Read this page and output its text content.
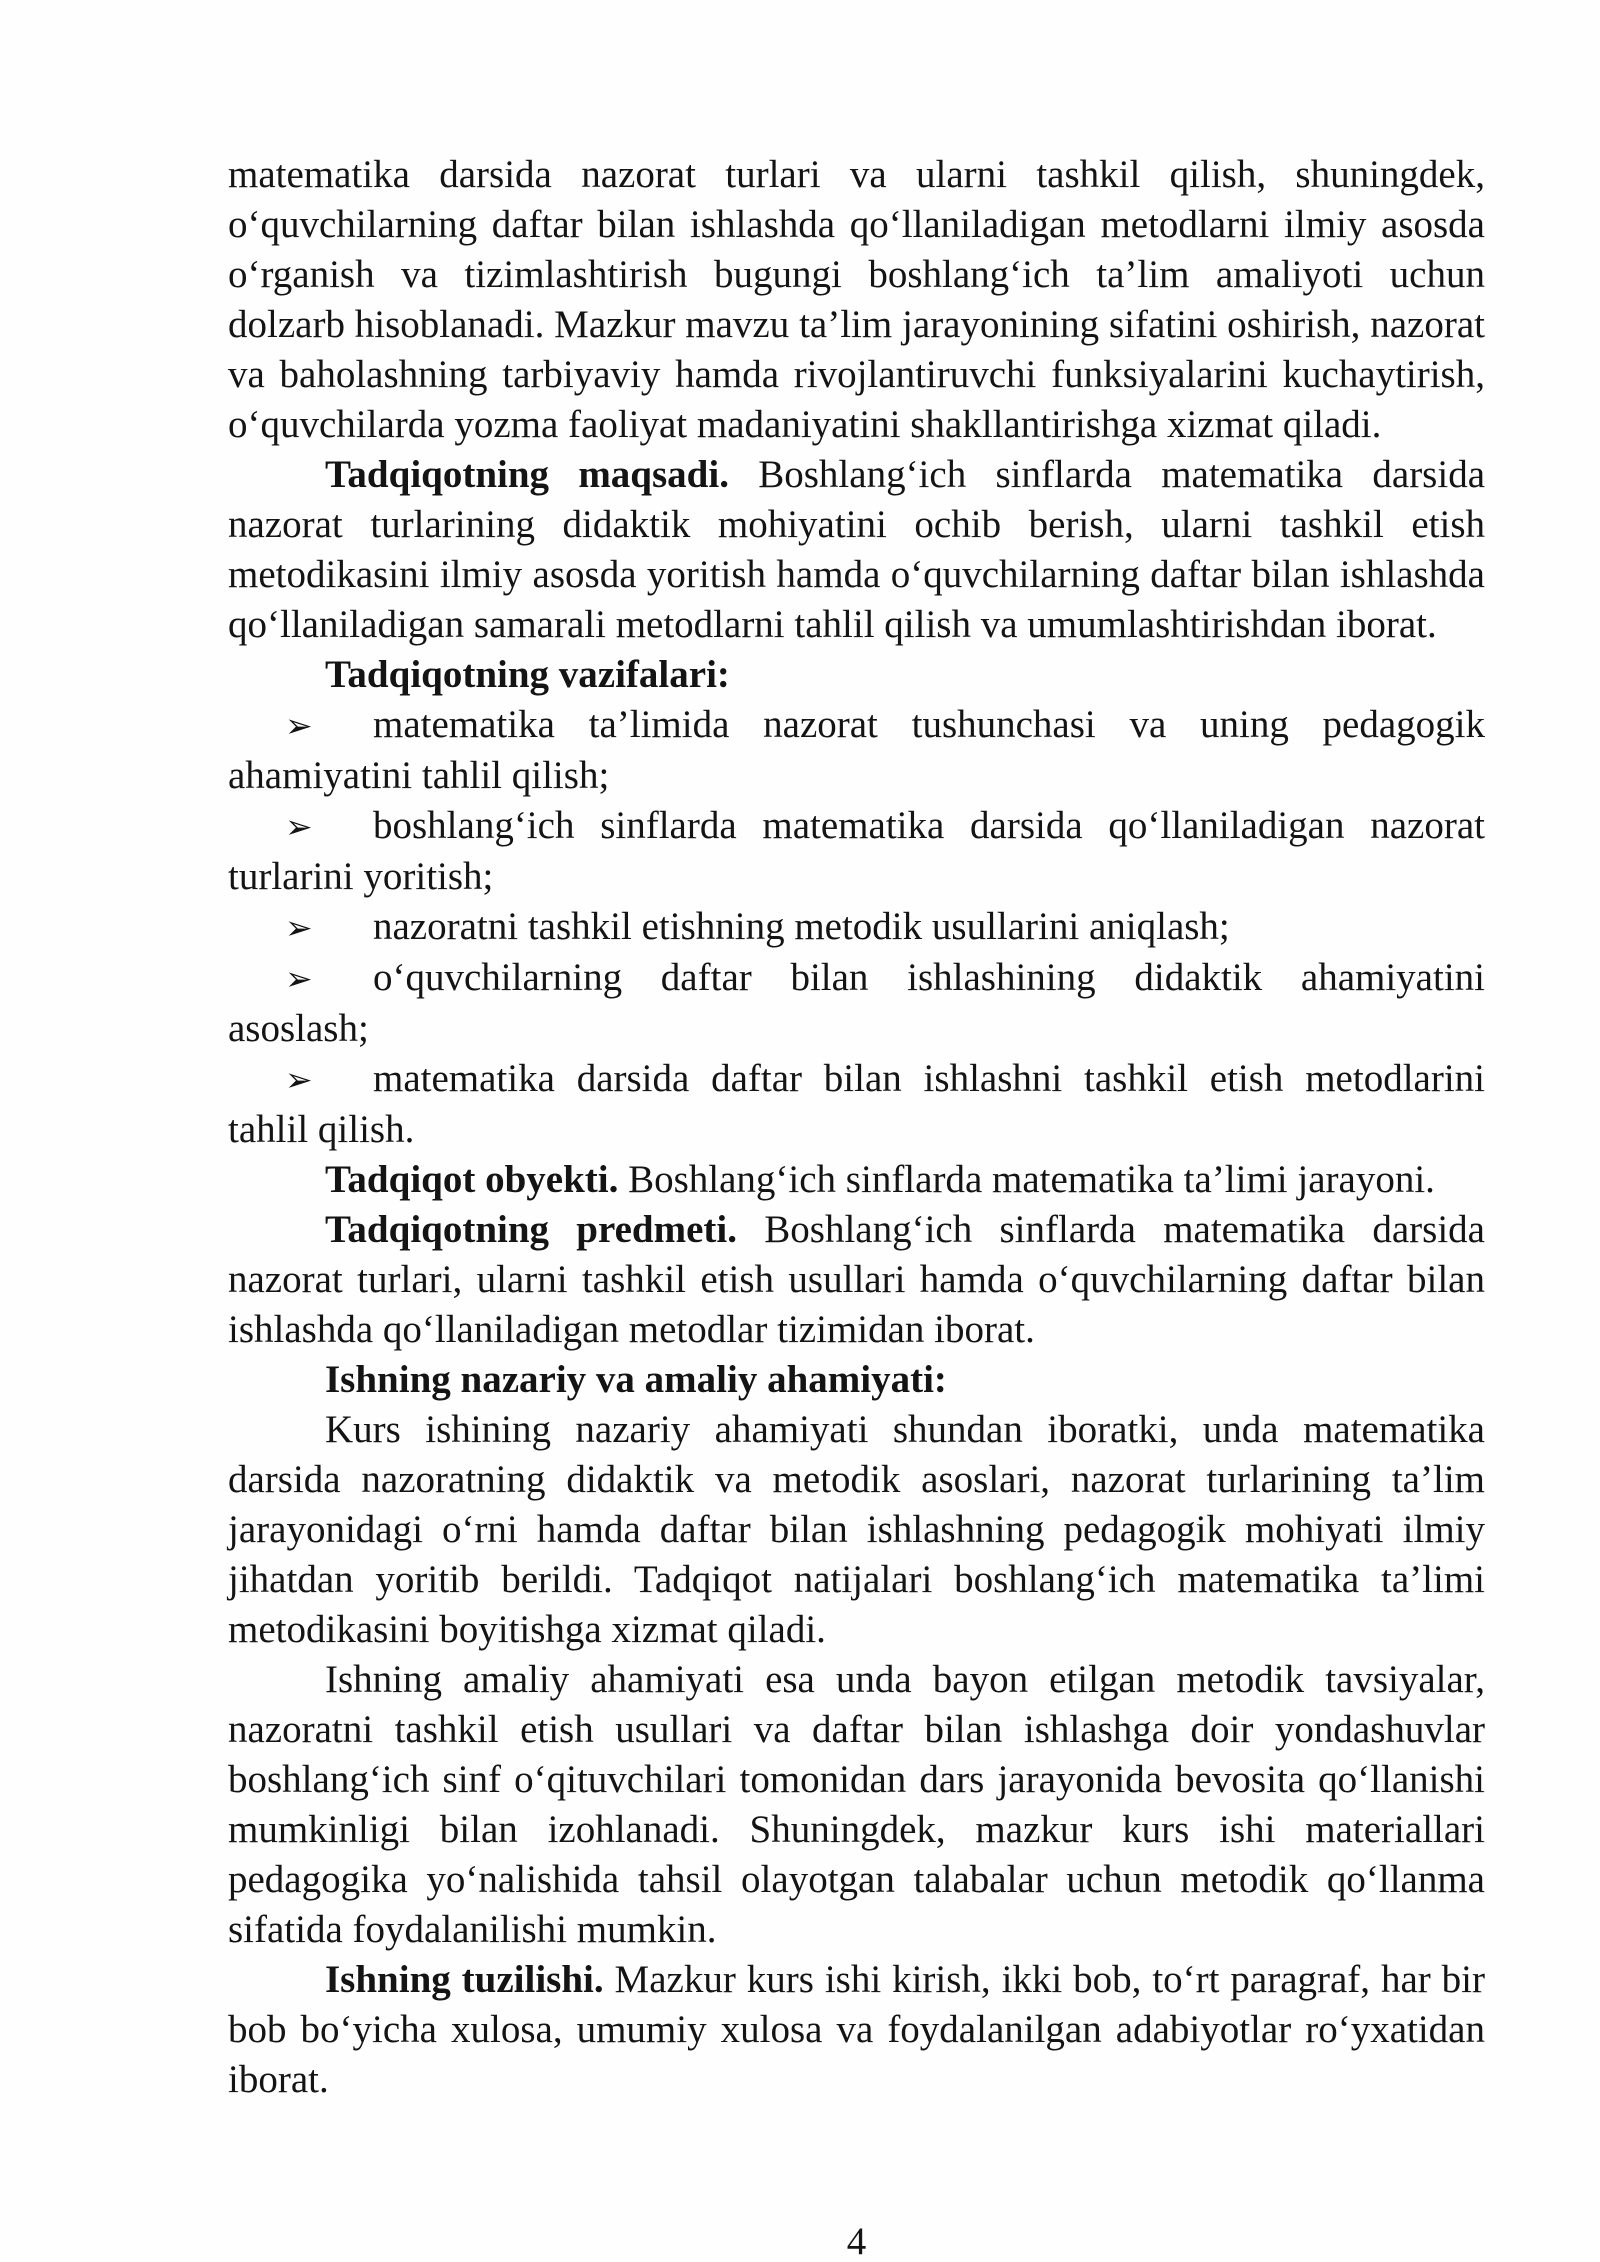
matematika darsida nazorat turlari va ularni tashkil qilish, shuningdek, o‘quvchilarning daftar bilan ishlashda qo‘llaniladigan metodlarni ilmiy asosda o‘rganish va tizimlashtirish bugungi boshlang‘ich ta’lim amaliyoti uchun dolzarb hisoblanadi. Mazkur mavzu ta’lim jarayonining sifatini oshirish, nazorat va baholashning tarbiyaviy hamda rivojlantiruvchi funksiyalarini kuchaytirish, o‘quvchilarda yozma faoliyat madaniyatini shakllantirishga xizmat qiladi.

Tadqiqotning maqsadi. Boshlang‘ich sinflarda matematika darsida nazorat turlarining didaktik mohiyatini ochib berish, ularni tashkil etish metodikasini ilmiy asosda yoritish hamda o‘quvchilarning daftar bilan ishlashda qo‘llaniladigan samarali metodlarni tahlil qilish va umumlashtirishdan iborat.

Tadqiqotning vazifalari:

➢ matematika ta’limida nazorat tushunchasi va uning pedagogik ahamiyatini tahlil qilish;

➢ boshlang‘ich sinflarda matematika darsida qo‘llaniladigan nazorat turlarini yoritish;

➢ nazoratni tashkil etishning metodik usullarini aniqlash;

➢ o‘quvchilarning daftar bilan ishlashining didaktik ahamiyatini asoslash;

➢ matematika darsida daftar bilan ishlashni tashkil etish metodlarini tahlil qilish.

Tadqiqot obyekti. Boshlang‘ich sinflarda matematika ta’limi jarayoni.

Tadqiqotning predmeti. Boshlang‘ich sinflarda matematika darsida nazorat turlari, ularni tashkil etish usullari hamda o‘quvchilarning daftar bilan ishlashda qo‘llaniladigan metodlar tizimidan iborat.

Ishning nazariy va amaliy ahamiyati:

Kurs ishining nazariy ahamiyati shundan iboratki, unda matematika darsida nazoratning didaktik va metodik asoslari, nazorat turlarining ta’lim jarayonidagi o‘rni hamda daftar bilan ishlashning pedagogik mohiyati ilmiy jihatdan yoritib berildi. Tadqiqot natijalari boshlang‘ich matematika ta’limi metodikasini boyitishga xizmat qiladi.

Ishning amaliy ahamiyati esa unda bayon etilgan metodik tavsiyalar, nazoratni tashkil etish usullari va daftar bilan ishlashga doir yondashuvlar boshlang‘ich sinf o‘qituvchilari tomonidan dars jarayonida bevosita qo‘llanishi mumkinligi bilan izohlanadi. Shuningdek, mazkur kurs ishi materiallari pedagogika yo‘nalishida tahsil olayotgan talabalar uchun metodik qo‘llanma sifatida foydalanilishi mumkin.

Ishning tuzilishi. Mazkur kurs ishi kirish, ikki bob, to‘rt paragraf, har bir bob bo‘yicha xulosa, umumiy xulosa va foydalanilgan adabiyotlar ro‘yxatidan iborat.

4
